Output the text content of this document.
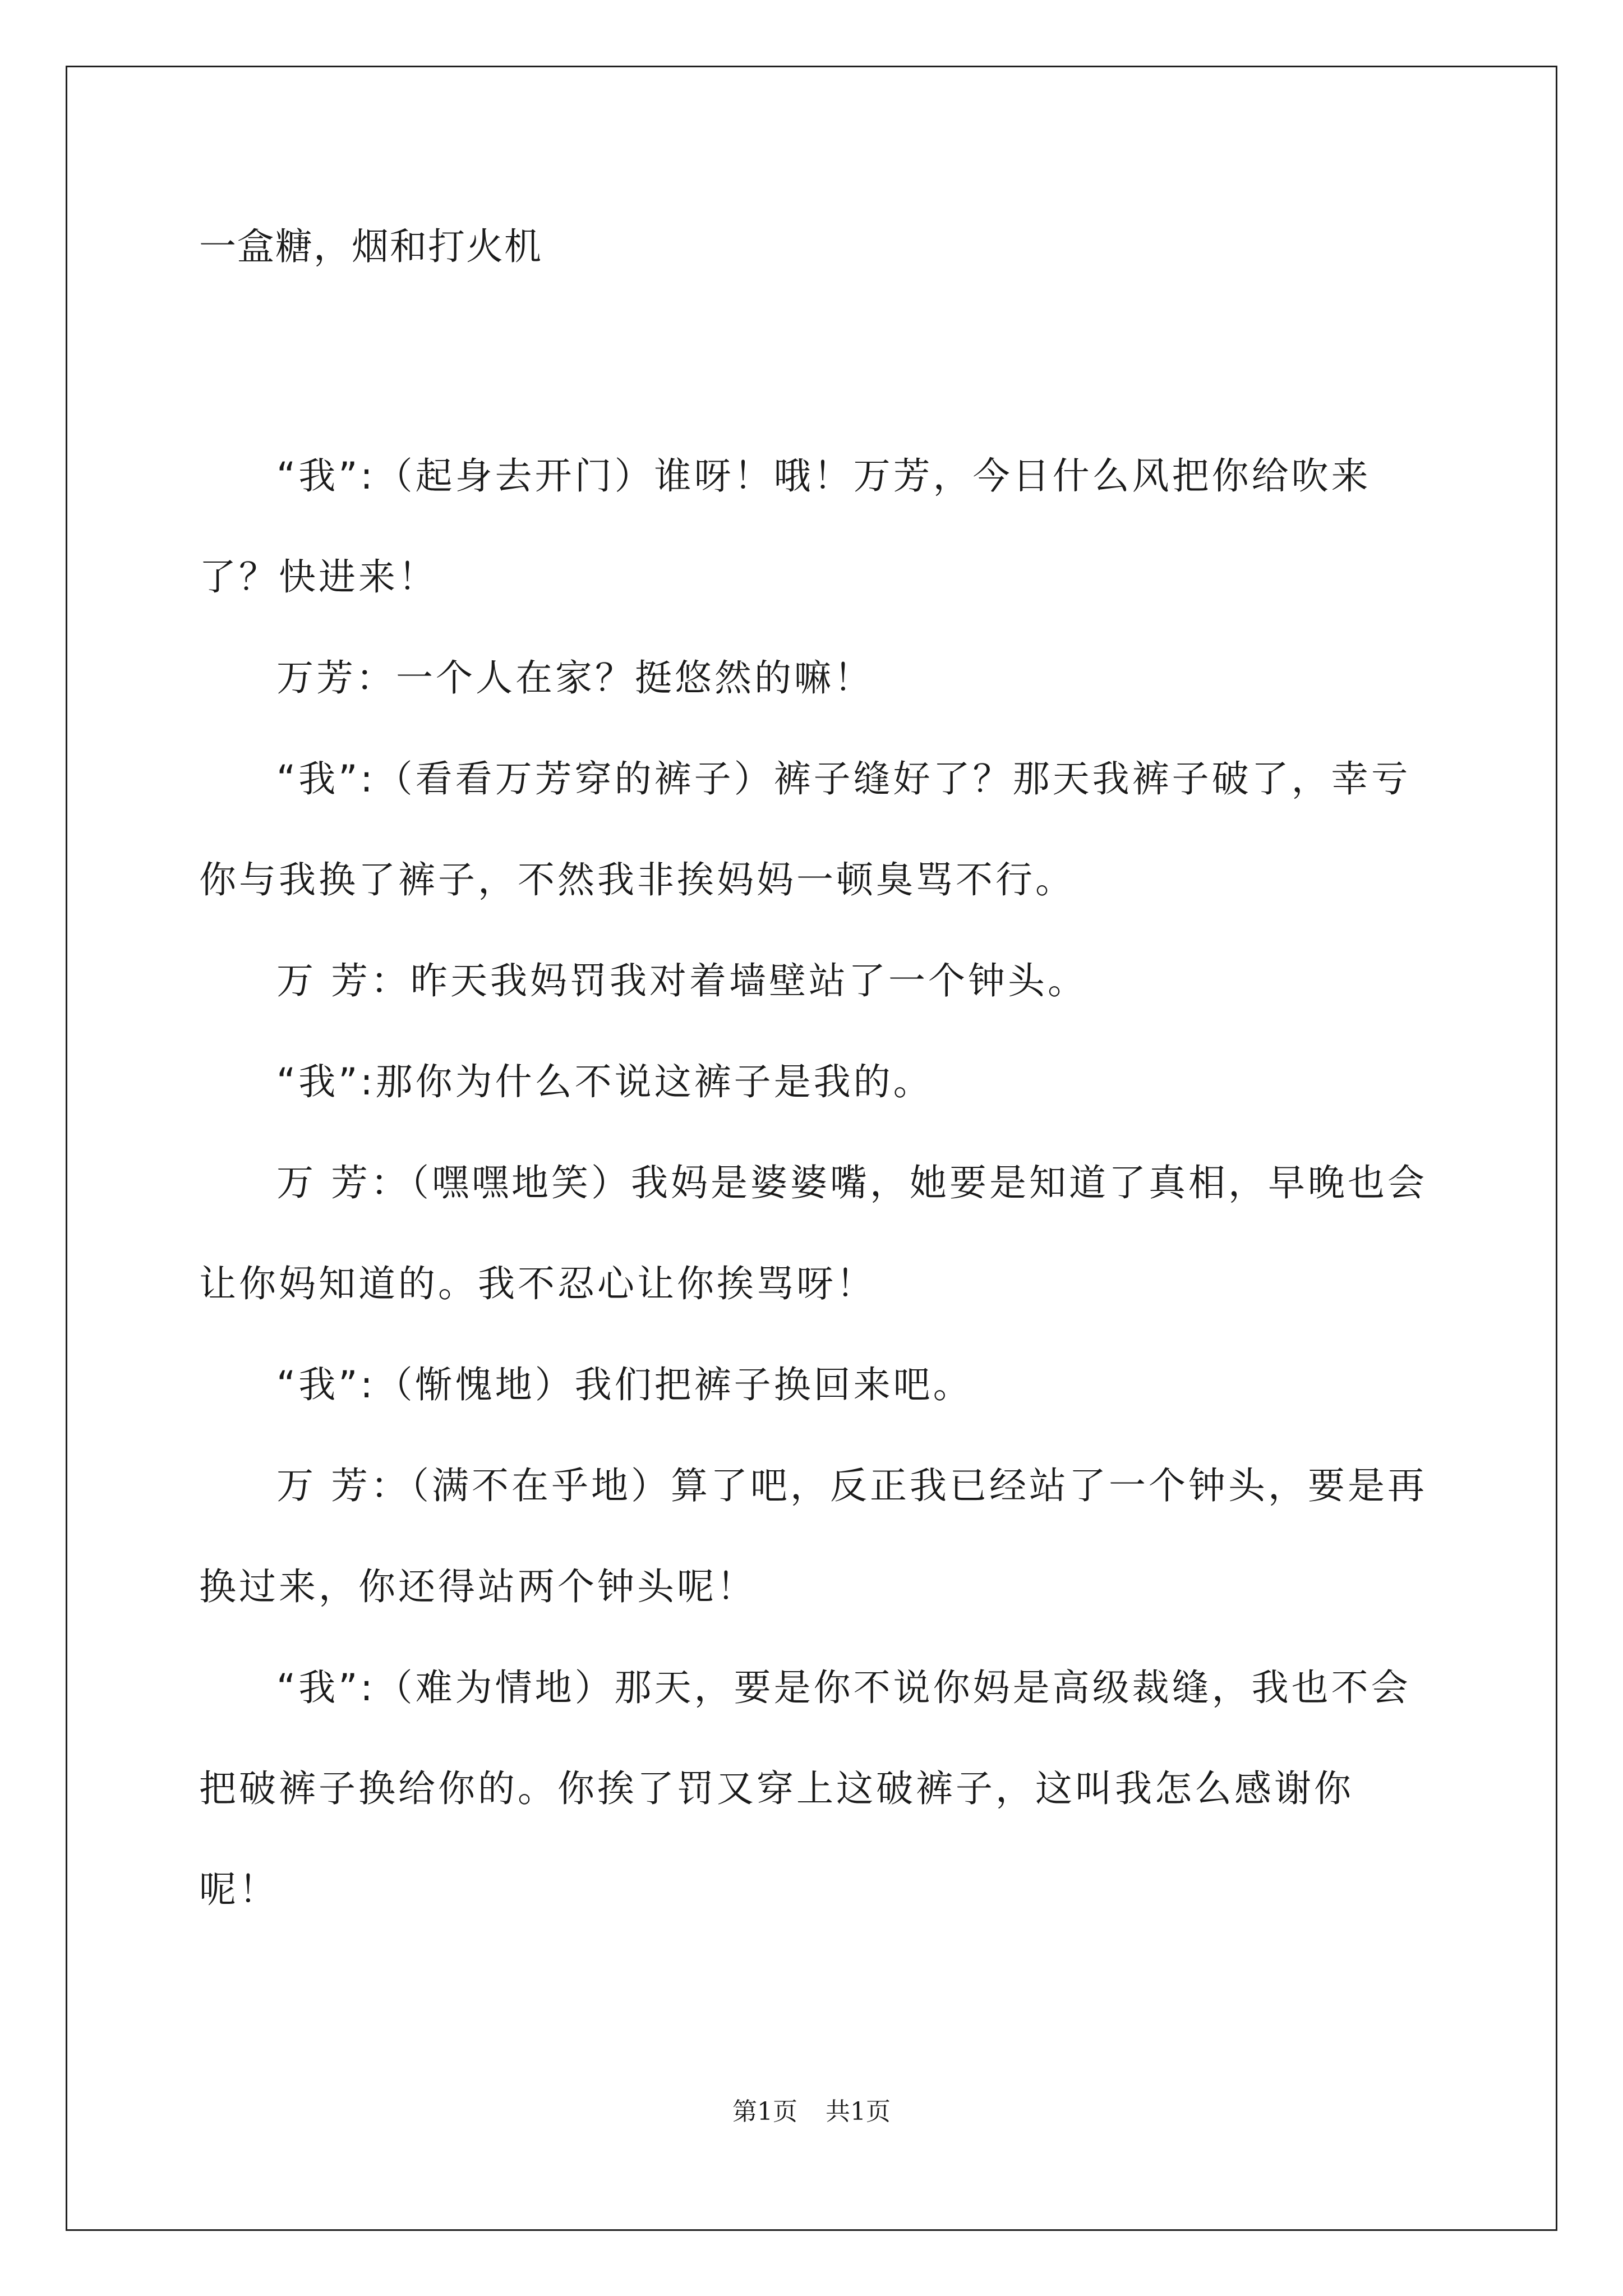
一盒糖，烟和打火机

“我”:（起身去开门）谁呀！哦！万芳，今日什么风把你给吹来了？快进来！

万芳：一个人在家？挺悠然的嘛！

“我”:（看看万芳穿的裤子）裤子缝好了？那天我裤子破了，幸亏你与我换了裤子，不然我非挨妈妈一顿臭骂不行。

万 芳：昨天我妈罚我对着墙壁站了一个钟头。

“我”:那你为什么不说这裤子是我的。

万 芳：（嘿嘿地笑）我妈是婆婆嘴，她要是知道了真相，早晚也会让你妈知道的。我不忍心让你挨骂呀！

“我”:（惭愧地）我们把裤子换回来吧。

万 芳：（满不在乎地）算了吧，反正我已经站了一个钟头，要是再换过来，你还得站两个钟头呢！

“我”:（难为情地）那天，要是你不说你妈是高级裁缝，我也不会把破裤子换给你的。你挨了罚又穿上这破裤子，这叫我怎么感谢你呢！

第1页 共1页
